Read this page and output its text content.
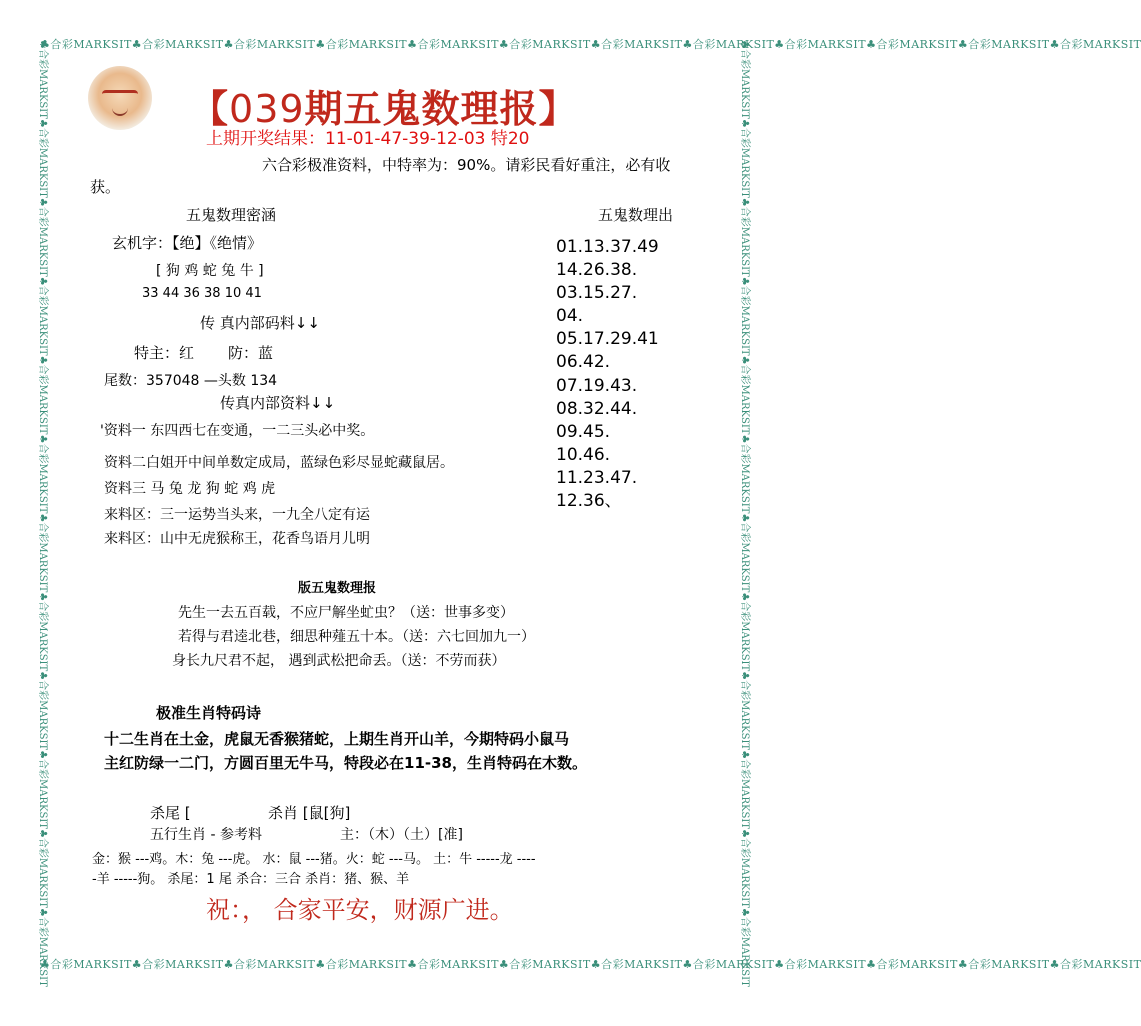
♣合彩MARKSIT♣合彩MARKSIT♣合彩MARKSIT♣合彩MARKSIT♣合彩MARKSIT♣合彩MARKSIT♣合彩MARKSIT♣合彩MARKSIT♣合彩MARKSIT♣合彩MARKSIT♣合彩MARKSIT♣合彩MARKSIT
♣合彩MARKSIT♣合彩MARKSIT♣合彩MARKSIT♣合彩MARKSIT♣合彩MARKSIT♣合彩MARKSIT♣合彩MARKSIT♣合彩MARKSIT♣合彩MARKSIT♣合彩MARKSIT♣合彩MARKSIT♣合彩MARKSIT
♣合彩MARKSIT♣合彩MARKSIT♣合彩MARKSIT♣合彩MARKSIT♣合彩MARKSIT♣合彩MARKSIT♣合彩MARKSIT♣合彩MARKSIT♣合彩MARKSIT♣合彩MARKSIT♣合彩MARKSIT♣合彩MARKSIT	♣合彩MARKSIT♣合彩MARKSIT♣合彩MARKSIT♣合彩MARKSIT♣合彩MARKSIT♣合彩MARKSIT♣合彩MARKSIT♣合彩MARKSIT♣合彩MARKSIT♣合彩MARKSIT♣合彩MARKSIT♣合彩MARKSIT
【039期五鬼数理报】
上期开奖结果：11-01-47-39-12-03 特20
六合彩极准资料，中特率为：90%。请彩民看好重注，必有收
获。
五鬼数理密涵
玄机字：【绝】《绝情》
[ 狗 鸡 蛇 兔 牛 ]
33 44 36 38 10 41
传 真内部码料↓↓
特主：红 防：蓝
尾数：357048 —头数 134
传真内部资料↓↓
'资料一 东四西七在变通，一二三头必中奖。
资料二白姐开中间单数定成局，蓝绿色彩尽显蛇藏鼠居。
资料三 马 兔 龙 狗 蛇 鸡 虎
来料区：三一运势当头来，一九全八定有运
来料区：山中无虎猴称王，花香鸟语月儿明
五鬼数理出
01.13.37.49
14.26.38.
03.15.27.
04.
05.17.29.41
06.42.
07.19.43.
08.32.44.
09.45.
10.46.
11.23.47.
12.36、
版五鬼数理报
先生一去五百载，不应尸解坐虻虫？（送：世事多变）
若得与君逵北巷，细思种薤五十本。（送：六七回加九一）
身长九尺君不起， 遇到武松把命丢。（送：不劳而获）
极准生肖特码诗
十二生肖在土金，虎鼠无香猴猪蛇，上期生肖开山羊，今期特码小鼠马
主红防绿一二门，方圆百里无牛马，特段必在11-38，生肖特码在木数。
杀尾 [	杀肖 [鼠[狗]
五行生肖 - 参考料	主：（木）（土）[准]
金：猴 ---鸡。木：兔 ---虎。 水：鼠 ---猪。火：蛇 ---马。 土：牛 -----龙 ----
-羊 -----狗。 杀尾：1 尾 杀合：三合 杀肖：猪、猴、羊
祝：， 合家平安，财源广进。
